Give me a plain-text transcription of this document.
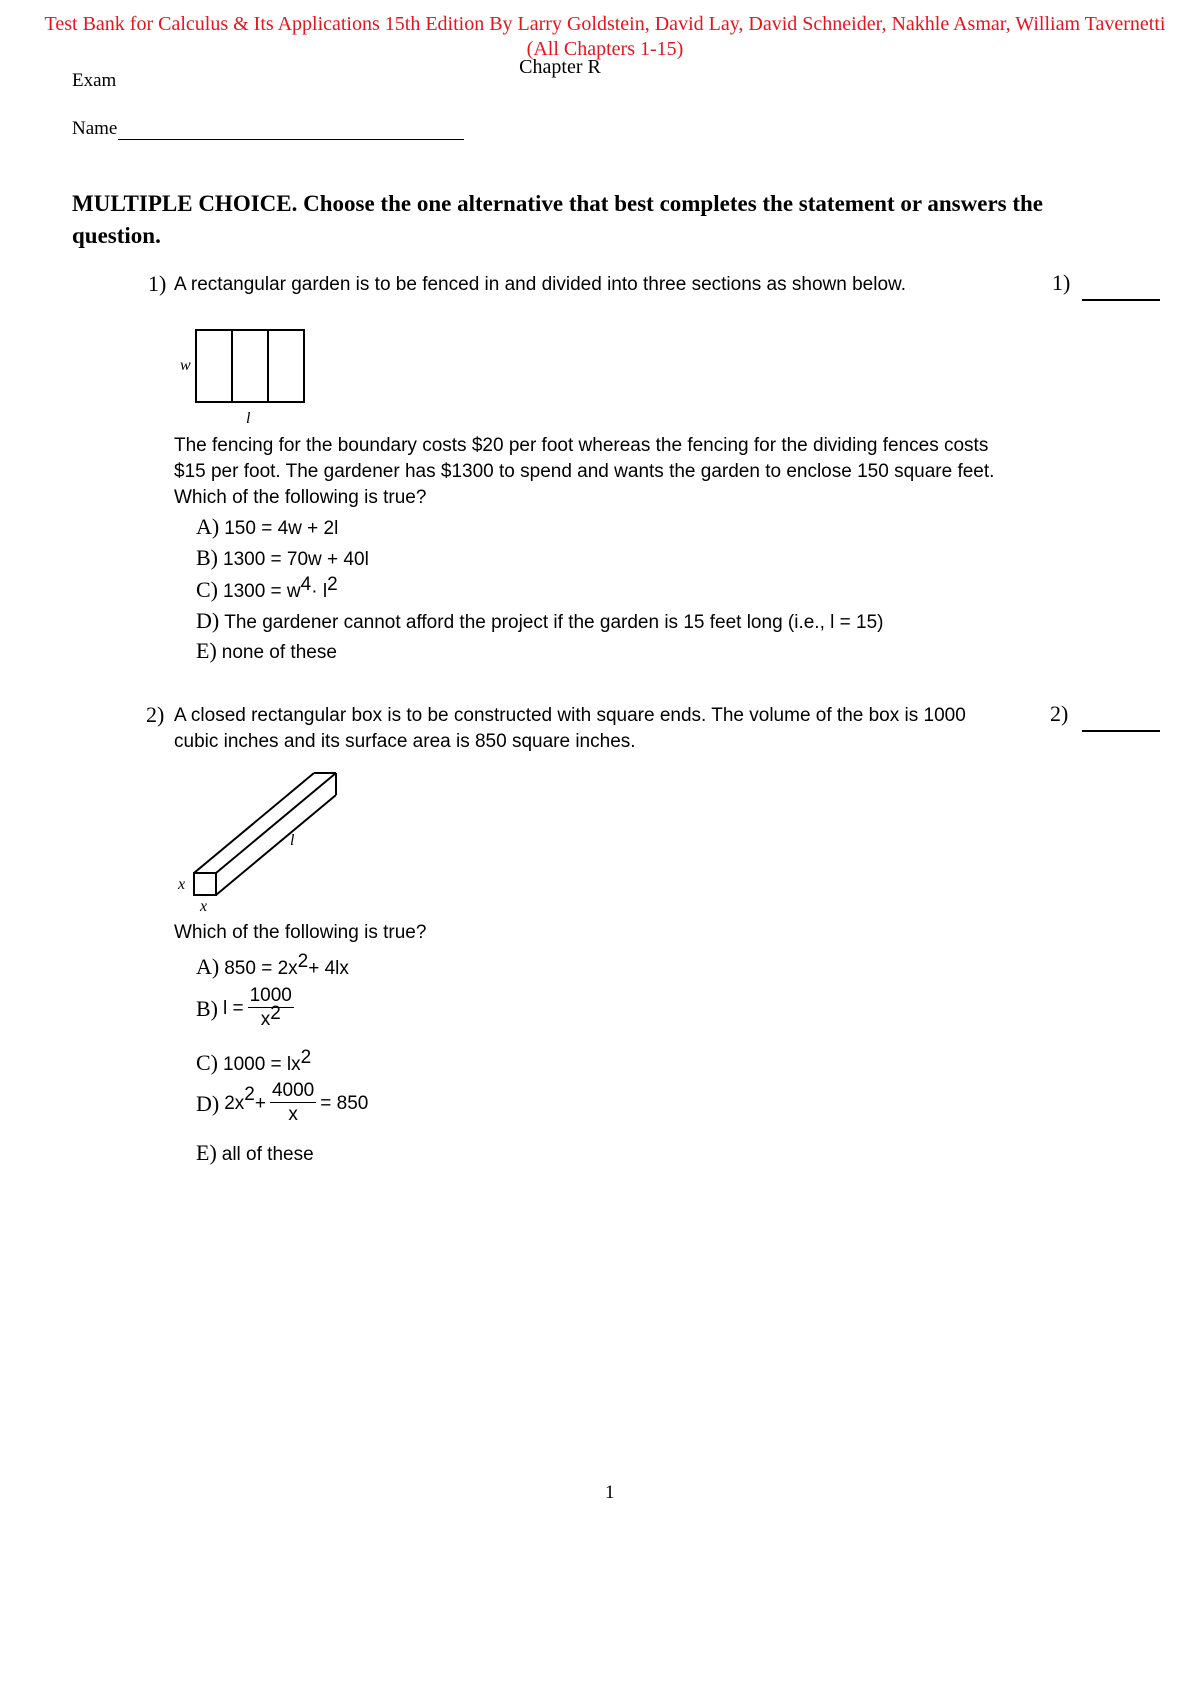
Test Bank for Calculus & Its Applications 15th Edition By Larry Goldstein, David Lay, David Schneider, Nakhle Asmar, William Tavernetti (All Chapters 1-15)
Chapter R
Exam
Name
MULTIPLE CHOICE. Choose the one alternative that best completes the statement or answers the question.
1) A rectangular garden is to be fenced in and divided into three sections as shown below.	1)
w
l
The fencing for the boundary costs $20 per foot whereas the fencing for the dividing fences costs $15 per foot. The gardener has $1300 to spend and wants the garden to enclose 150 square feet. Which of the following is true?
A) 150 = 4w + 2l
B) 1300 = 70w + 40l
C) 1300 = w 4 · l 2
D) The gardener cannot afford the project if the garden is 15 feet long (i.e., l = 15)
E) none of these
2) A closed rectangular box is to be constructed with square ends. The volume of the box is 1000 cubic inches and its surface area is 850 square inches.
2)
x
x
l
Which of the following is true?
A) 850 = 2x 2 + 4lx
B) $l = \frac{1000}{x2}$
C) 1000 = lx 2
D) 2x $2 + \frac{4000}{x} = 850$
E) all of these
1
